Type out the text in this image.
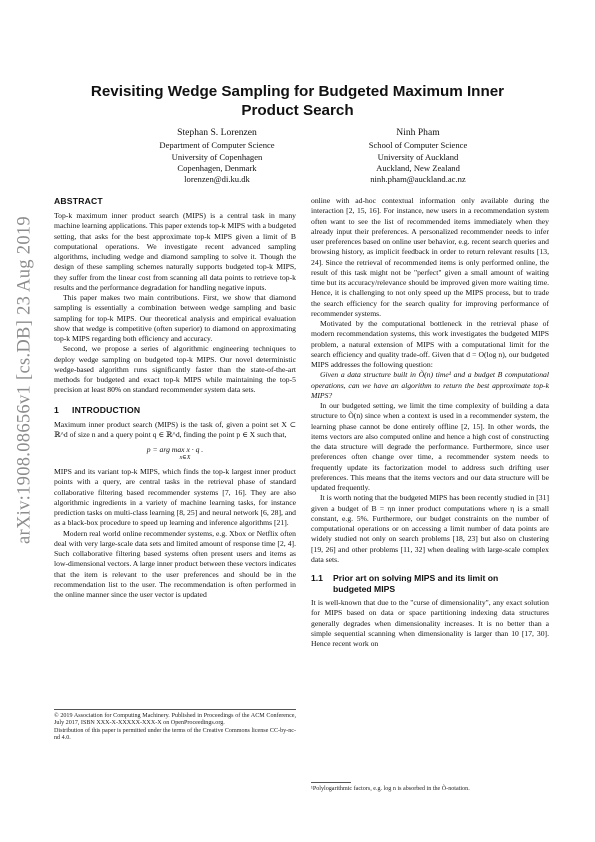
arXiv:1908.08656v1 [cs.DB] 23 Aug 2019
Revisiting Wedge Sampling for Budgeted Maximum Inner
Product Search
Stephan S. Lorenzen
Department of Computer Science
University of Copenhagen
Copenhagen, Denmark
lorenzen@di.ku.dk
Ninh Pham
School of Computer Science
University of Auckland
Auckland, New Zealand
ninh.pham@auckland.ac.nz
ABSTRACT

Top-k maximum inner product search (MIPS) is a central task in many machine learning applications. This paper extends top-k MIPS with a budgeted setting, that asks for the best approximate top-k MIPS given a limit of B computational operations. We investigate recent advanced sampling algorithms, including wedge and diamond sampling to solve it. Though the design of these sampling schemes naturally supports budgeted top-k MIPS, they suffer from the linear cost from scanning all data points to retrieve top-k results and the performance degradation for handling negative inputs.

This paper makes two main contributions. First, we show that diamond sampling is essentially a combination between wedge sampling and basic sampling for top-k MIPS. Our theoretical analysis and empirical evaluation show that wedge is competitive (often superior) to diamond on approximating top-k MIPS regarding both efficiency and accuracy.

Second, we propose a series of algorithmic engineering techniques to deploy wedge sampling on budgeted top-k MIPS. Our novel deterministic wedge-based algorithm runs significantly faster than the state-of-the-art methods for budgeted and exact top-k MIPS while maintaining the top-5 precision at least 80% on standard recommender system data sets.

1 INTRODUCTION

Maximum inner product search (MIPS) is the task of, given a point set X ⊂ ℝ^d of size n and a query point q ∈ ℝ^d, finding the point p ∈ X such that,

p = arg max x · q .
x∈X

MIPS and its variant top-k MIPS, which finds the top-k largest inner product points with a query, are central tasks in the retrieval phase of standard collaborative filtering based recommender systems [7, 16]. They are also algorithmic ingredients in a variety of machine learning tasks, for instance prediction tasks on multi-class learning [8, 25] and neural network [6, 28], and as a black-box procedure to speed up learning and inference algorithms [21].

Modern real world online recommender systems, e.g. Xbox or Netflix often deal with very large-scale data sets and limited amount of response time [2, 4]. Such collaborative filtering based systems often present users and items as low-dimensional vectors. A large inner product between these vectors indicates that the item is relevant to the user preferences and should be in the recommendation list to the user. The recommendation is often performed in the online manner since the user vector is updated

© 2019 Association for Computing Machinery. Published in Proceedings of the ACM Conference, July 2017, ISBN XXX-X-XXXXX-XXX-X on OpenProceedings.org.

Distribution of this paper is permitted under the terms of the Creative Commons license CC-by-nc-nd 4.0.

online with ad-hoc contextual information only available during the interaction [2, 15, 16]. For instance, new users in a recommendation system often want to see the list of recommended items immediately when they already input their preferences. A personalized recommender needs to infer user preferences based on online user behavior, e.g. recent search queries and browsing history, as implicit feedback in order to return relevant results [13, 24]. Since the retrieval of recommended items is only performed online, the result of this task might not be "perfect" given a small amount of waiting time but its accuracy/relevance should be improved given more waiting time. Hence, it is challenging to not only speed up the MIPS process, but to trade the search efficiency for the search quality for improving performance of recommender systems.

Motivated by the computational bottleneck in the retrieval phase of modern recommendation systems, this work investigates the budgeted MIPS problem, a natural extension of MIPS with a computational limit for the search efficiency and quality trade-off. Given that d = O(log n), our budgeted MIPS addresses the following question:

Given a data structure built in Õ(n) time¹ and a budget B computational operations, can we have an algorithm to return the best approximate top-k MIPS?

In our budgeted setting, we limit the time complexity of building a data structure to Õ(n) since when a context is used in a recommender system, the learning phase cannot be done entirely offline [2, 15]. In other words, the items vectors are also computed online and hence a high cost of constructing the data structure will degrade the performance. Furthermore, since user preferences often change over time, a recommender system needs to frequently update its factorization model to address such drifting user preferences. This means that the items vectors and our data structure will be updated frequently.

It is worth noting that the budgeted MIPS has been recently studied in [31] given a budget of B = ηn inner product computations where η is a small constant, e.g. 5%. Furthermore, our budget constraints on the number of computational operations or on accessing a limit number of data points are widely studied not only on search problems [18, 23] but also on clustering [19, 26] and other problems [11, 32] when dealing with large-scale complex data sets.

1.1 Prior art on solving MIPS and its limit on
budgeted MIPS

It is well-known that due to the "curse of dimensionality", any exact solution for MIPS based on data or space partitioning indexing data structures generally degrades when dimensionality increases. It is no better than a simple sequential scanning when dimensionality is larger than 10 [17, 30]. Hence recent work on

¹Polylogarithmic factors, e.g. log n is absorbed in the Õ-notation.
